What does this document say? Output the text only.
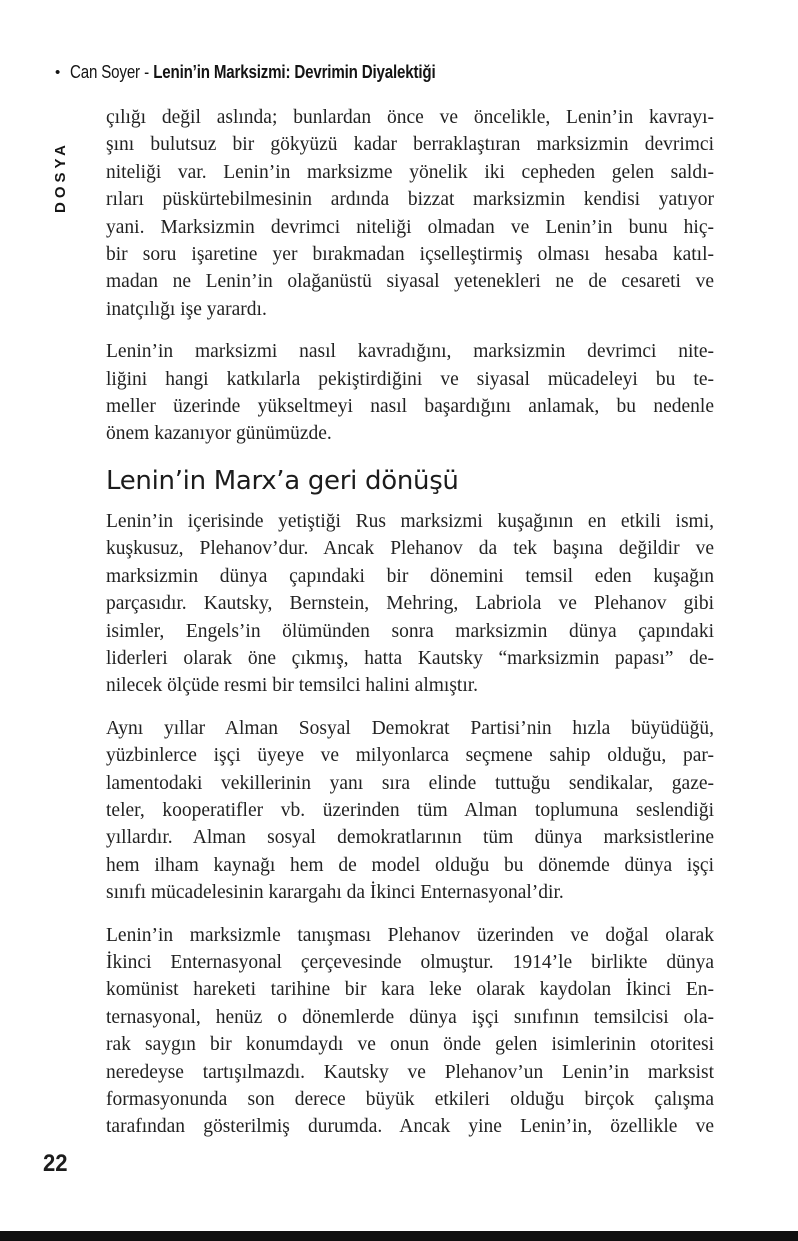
• Can Soyer - Lenin’in Marksizmi: Devrimin Diyalektiği
DOSYA
çılığı değil aslında; bunlardan önce ve öncelikle, Lenin’in kavrayı-
şını bulutsuz bir gökyüzü kadar berraklaştıran marksizmin devrimci
niteliği var. Lenin’in marksizme yönelik iki cepheden gelen saldı-
rıları püskürtebilmesinin ardında bizzat marksizmin kendisi yatıyor
yani. Marksizmin devrimci niteliği olmadan ve Lenin’in bunu hiç-
bir soru işaretine yer bırakmadan içselleştirmiş olması hesaba katıl-
madan ne Lenin’in olağanüstü siyasal yetenekleri ne de cesareti ve
inatçılığı işe yarardı.
Lenin’in marksizmi nasıl kavradığını, marksizmin devrimci nite-
liğini hangi katkılarla pekiştirdiğini ve siyasal mücadeleyi bu te-
meller üzerinde yükseltmeyi nasıl başardığını anlamak, bu nedenle
önem kazanıyor günümüzde.
Lenin’in Marx’a geri dönüşü
Lenin’in içerisinde yetiştiği Rus marksizmi kuşağının en etkili ismi,
kuşkusuz, Plehanov’dur. Ancak Plehanov da tek başına değildir ve
marksizmin dünya çapındaki bir dönemini temsil eden kuşağın
parçasıdır. Kautsky, Bernstein, Mehring, Labriola ve Plehanov gibi
isimler, Engels’in ölümünden sonra marksizmin dünya çapındaki
liderleri olarak öne çıkmış, hatta Kautsky “marksizmin papası” de-
nilecek ölçüde resmi bir temsilci halini almıştır.
Aynı yıllar Alman Sosyal Demokrat Partisi’nin hızla büyüdüğü,
yüzbinlerce işçi üyeye ve milyonlarca seçmene sahip olduğu, par-
lamentodaki vekillerinin yanı sıra elinde tuttuğu sendikalar, gaze-
teler, kooperatifler vb. üzerinden tüm Alman toplumuna seslendiği
yıllardır. Alman sosyal demokratlarının tüm dünya marksistlerine
hem ilham kaynağı hem de model olduğu bu dönemde dünya işçi
sınıfı mücadelesinin karargahı da İkinci Enternasyonal’dir.
Lenin’in marksizmle tanışması Plehanov üzerinden ve doğal olarak
İkinci Enternasyonal çerçevesinde olmuştur. 1914’le birlikte dünya
komünist hareketi tarihine bir kara leke olarak kaydolan İkinci En-
ternasyonal, henüz o dönemlerde dünya işçi sınıfının temsilcisi ola-
rak saygın bir konumdaydı ve onun önde gelen isimlerinin otoritesi
neredeyse tartışılmazdı. Kautsky ve Plehanov’un Lenin’in marksist
formasyonunda son derece büyük etkileri olduğu birçok çalışma
tarafından gösterilmiş durumda. Ancak yine Lenin’in, özellikle ve
22
